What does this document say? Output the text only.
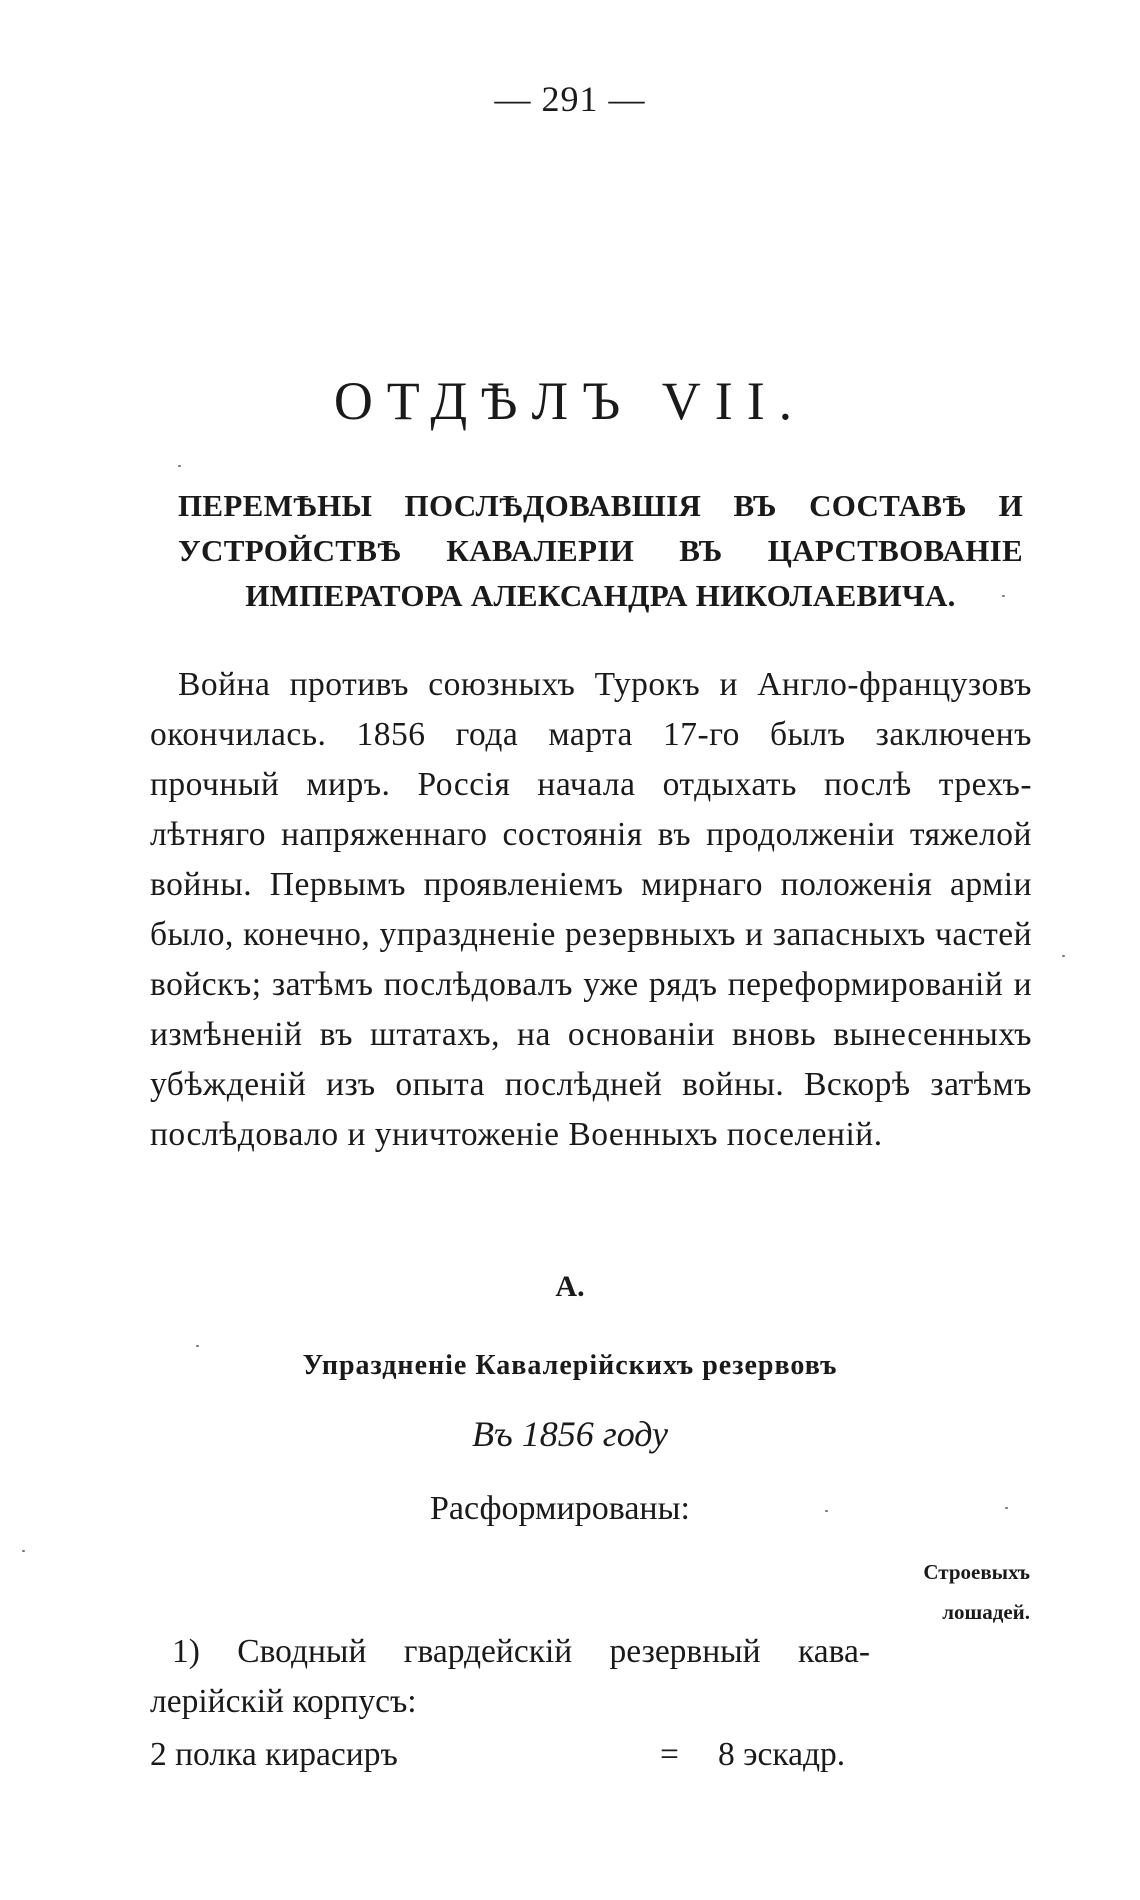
— 291 —
ОТДѢЛЪ VII.
ПЕРЕМѢНЫ ПОСЛѢДОВАВШІЯ ВЪ СОСТАВѢ И УСТРОЙСТВѢ КАВАЛЕРІИ ВЪ ЦАРСТВОВАНІЕ ИМПЕРАТОРА АЛЕКСАНДРА НИКОЛАЕВИЧА.
Война противъ союзныхъ Турокъ и Англо-французовъ окончилась. 1856 года марта 17-го былъ заключенъ прочный миръ. Россія начала отдыхать послѣ трехъ-лѣтняго напряженнаго состоянія въ продолженіи тяжелой войны. Первымъ проявленіемъ мирнаго положенія арміи было, конечно, упраздненіе резервныхъ и запасныхъ частей войскъ; затѣмъ послѣдовалъ уже рядъ переформированій и измѣненій въ штатахъ, на основаніи вновь вынесенныхъ убѣжденій изъ опыта послѣдней войны. Вскорѣ затѣмъ послѣдовало и уничтоженіе Военныхъ поселеній.
А.
Упраздненіе Кавалерійскихъ резервовъ
Въ 1856 году
Расформированы:
Строевыхъ
лошадей.
1) Сводный гвардейскій резервный кава-
лерійскій корпусъ:
2 полка кирасиръ	= 8 эскадр.
